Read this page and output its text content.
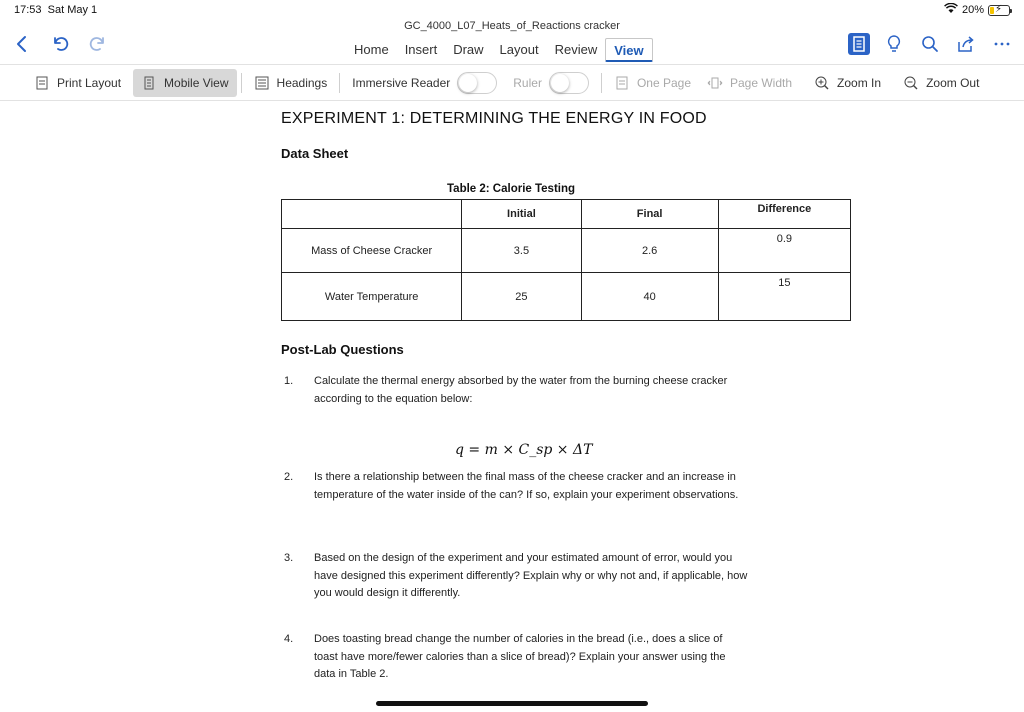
17:53 Sat May 1	20% ⚡
GC_4000_L07_Heats_of_Reactions cracker
Home	Insert	Draw	Layout	Review	View
Print Layout	Mobile View	Headings Immersive Reader	Ruler	One Page	Page Width	Zoom In	Zoom Out
EXPERIMENT 1: DETERMINING THE ENERGY IN FOOD
Data Sheet
Table 2: Calorie Testing
	Initial	Final	Difference
Mass of Cheese Cracker	3.5	2.6	0.9
Water Temperature	25	40	15
Post-Lab Questions
1. Calculate the thermal energy absorbed by the water from the burning cheese cracker according to the equation below:
q = m × C_sp × ΔT
2. Is there a relationship between the final mass of the cheese cracker and an increase in temperature of the water inside of the can? If so, explain your experiment observations.
3. Based on the design of the experiment and your estimated amount of error, would you have designed this experiment differently? Explain why or why not and, if applicable, how you would design it differently.
4. Does toasting bread change the number of calories in the bread (i.e., does a slice of toast have more/fewer calories than a slice of bread)? Explain your answer using the data in Table 2.
